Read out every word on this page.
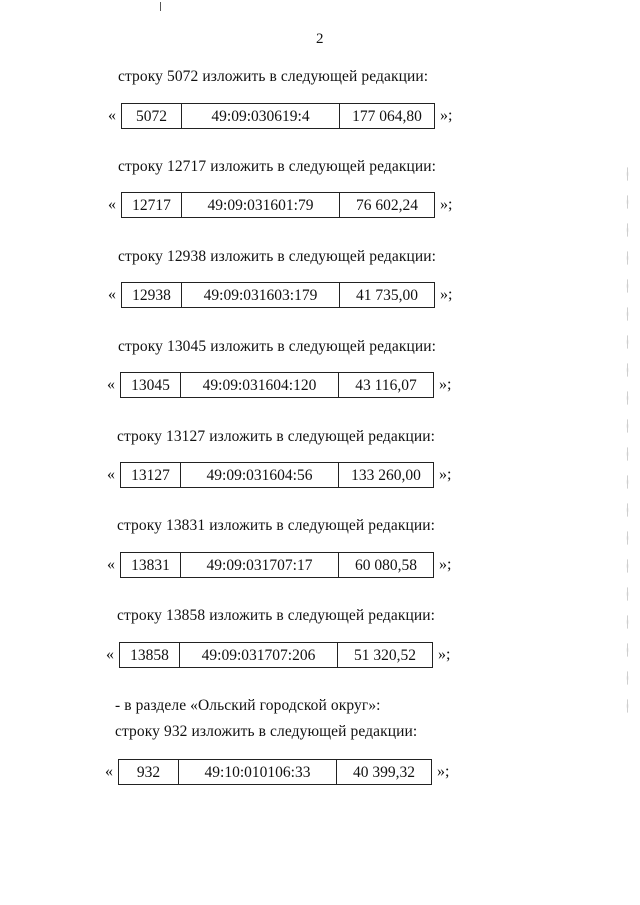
2
строку 5072 изложить в следующей редакции:
«	5072	49:09:030619:4	177 064,80	»;
строку 12717 изложить в следующей редакции:
«	12717	49:09:031601:79	76 602,24	»;
строку 12938 изложить в следующей редакции:
«	12938	49:09:031603:179	41 735,00	»;
строку 13045 изложить в следующей редакции:
«	13045	49:09:031604:120	43 116,07	»;
строку 13127 изложить в следующей редакции:
«	13127	49:09:031604:56	133 260,00	»;
строку 13831 изложить в следующей редакции:
«	13831	49:09:031707:17	60 080,58	»;
строку 13858 изложить в следующей редакции:
«	13858	49:09:031707:206	51 320,52	»;
- в разделе «Ольский городской округ»:
строку 932 изложить в следующей редакции:
«	932	49:10:010106:33	40 399,32	»;
